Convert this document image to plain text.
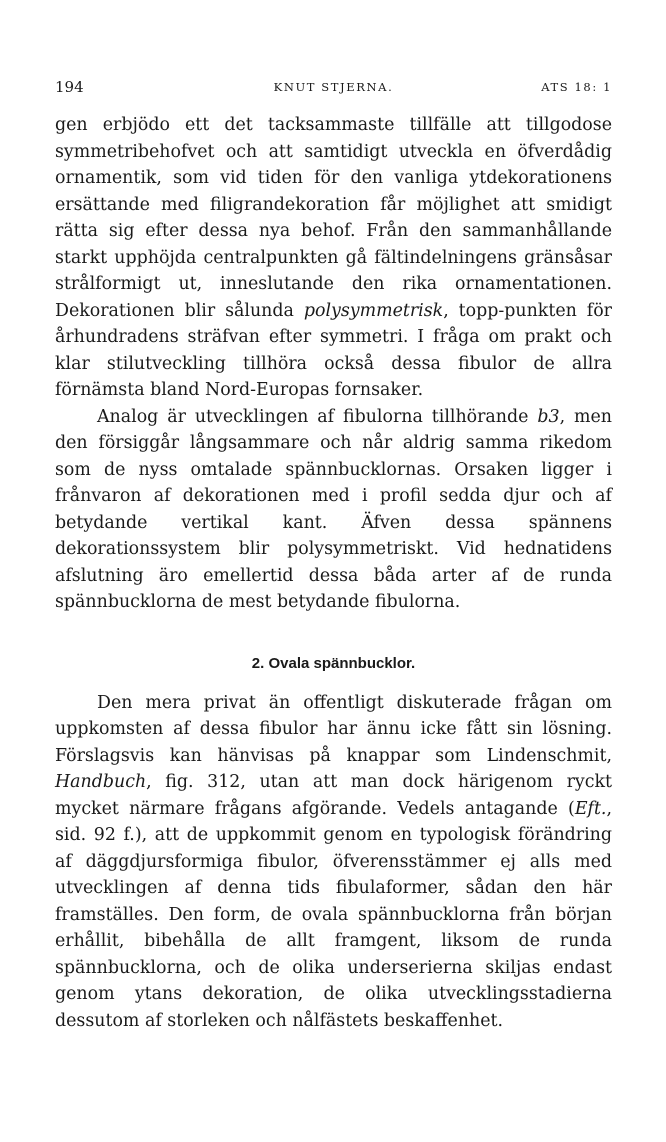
194	KNUT STJERNA.	ATS 18: 1

gen erbjödo ett det tacksammaste tillfälle att tillgodose symmetribehofvet och att samtidigt utveckla en öfverdådig ornamentik, som vid tiden för den vanliga ytdekorationens ersättande med filigrandekoration får möjlighet att smidigt rätta sig efter dessa nya behof. Från den sammanhållande starkt upphöjda centralpunkten gå fältindelningens gränsåsar strålformigt ut, inneslutande den rika ornamentationen. Dekorationen blir sålunda polysymmetrisk, topp-punkten för århundradens sträfvan efter symmetri. I fråga om prakt och klar stilutveckling tillhöra också dessa fibulor de allra förnämsta bland Nord-Europas fornsaker.

Analog är utvecklingen af fibulorna tillhörande b3, men den försiggår långsammare och når aldrig samma rikedom som de nyss omtalade spännbucklornas. Orsaken ligger i frånvaron af dekorationen med i profil sedda djur och af betydande vertikal kant. Äfven dessa spännens dekorationssystem blir polysymmetriskt. Vid hednatidens afslutning äro emellertid dessa båda arter af de runda spännbucklorna de mest betydande fibulorna.

2. Ovala spännbucklor.

Den mera privat än offentligt diskuterade frågan om uppkomsten af dessa fibulor har ännu icke fått sin lösning. Förslagsvis kan hänvisas på knappar som Lindenschmit, Handbuch, fig. 312, utan att man dock härigenom ryckt mycket närmare frågans afgörande. Vedels antagande (Eft., sid. 92 f.), att de uppkommit genom en typologisk förändring af däggdjursformiga fibulor, öfverensstämmer ej alls med utvecklingen af denna tids fibulaformer, sådan den här framställes. Den form, de ovala spännbucklorna från början erhållit, bibehålla de allt framgent, liksom de runda spännbucklorna, och de olika underserierna skiljas endast genom ytans dekoration, de olika utvecklingsstadierna dessutom af storleken och nålfästets beskaffenhet.
